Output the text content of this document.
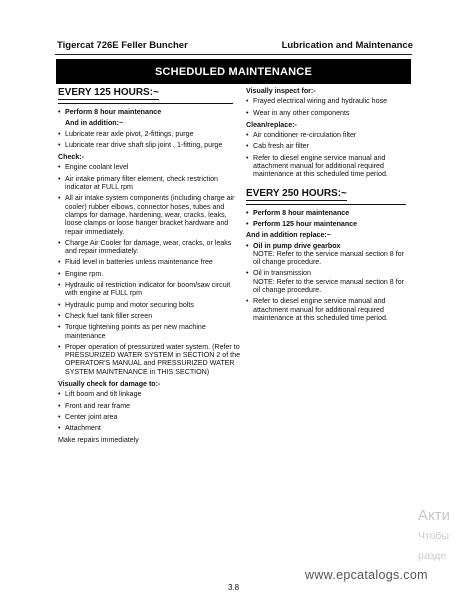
Tigercat 726E Feller Buncher	Lubrication and Maintenance
SCHEDULED MAINTENANCE
EVERY 125 HOURS:~
• Perform 8 hour maintenance
And in addition:~
• Lubricate rear axle pivot, 2-fittings, purge
• Lubricate rear drive shaft slip joint , 1-fitting, purge
Check:-
• Engine coolant level
• Air intake primary filter element, check restriction indicator at FULL rpm
• All air intake system components (including charge air cooler) rubber elbows, connector hoses, tubes and clamps for damage, hardening, wear, cracks, leaks, loose clamps or loose hanger bracket hardware and repair immediately.
• Charge Air Cooler for damage, wear, cracks, or leaks and repair immediately.
• Fluid level in batteries unless maintenance free
• Engine rpm.
• Hydraulic oil restriction indicator for boom/saw circuit with engine at FULL rpm
• Hydraulic pump and motor securing bolts
• Check fuel tank filler screen
• Torque tightening points as per new machine maintenance
• Proper operation of pressurized water system. (Refer to PRESSURIZED WATER SYSTEM in SECTION 2 of the OPERATOR'S MANUAL and PRESSURIZED WATER SYSTEM MAINTENANCE in THIS SECTION)
Visually check for damage to:-
• Lift boom and tilt linkage
• Front and rear frame
• Center joint area
• Attachment
Make repairs immediately
Visually inspect for:-
• Frayed electrical wiring and hydraulic hose
• Wear in any other components
Clean/replace:-
• Air conditioner re-circulation filter
• Cab fresh air filter
• Refer to diesel engine service manual and attachment manual for additional required maintenance at this scheduled time period.
EVERY 250 HOURS:~
• Perform 8 hour maintenance
• Perform 125 hour maintenance
And in addition replace:~
• Oil in pump drive gearbox
NOTE: Refer to the service manual section 8 for oil change procedure.
• Oil in transmission
NOTE: Refer to the service manual section 8 for oil change procedure.
• Refer to diesel engine service manual and attachment manual for additional required maintenance at this scheduled time period.
Акти
Чтобы
разде
3.8
www.epcatalogs.com
